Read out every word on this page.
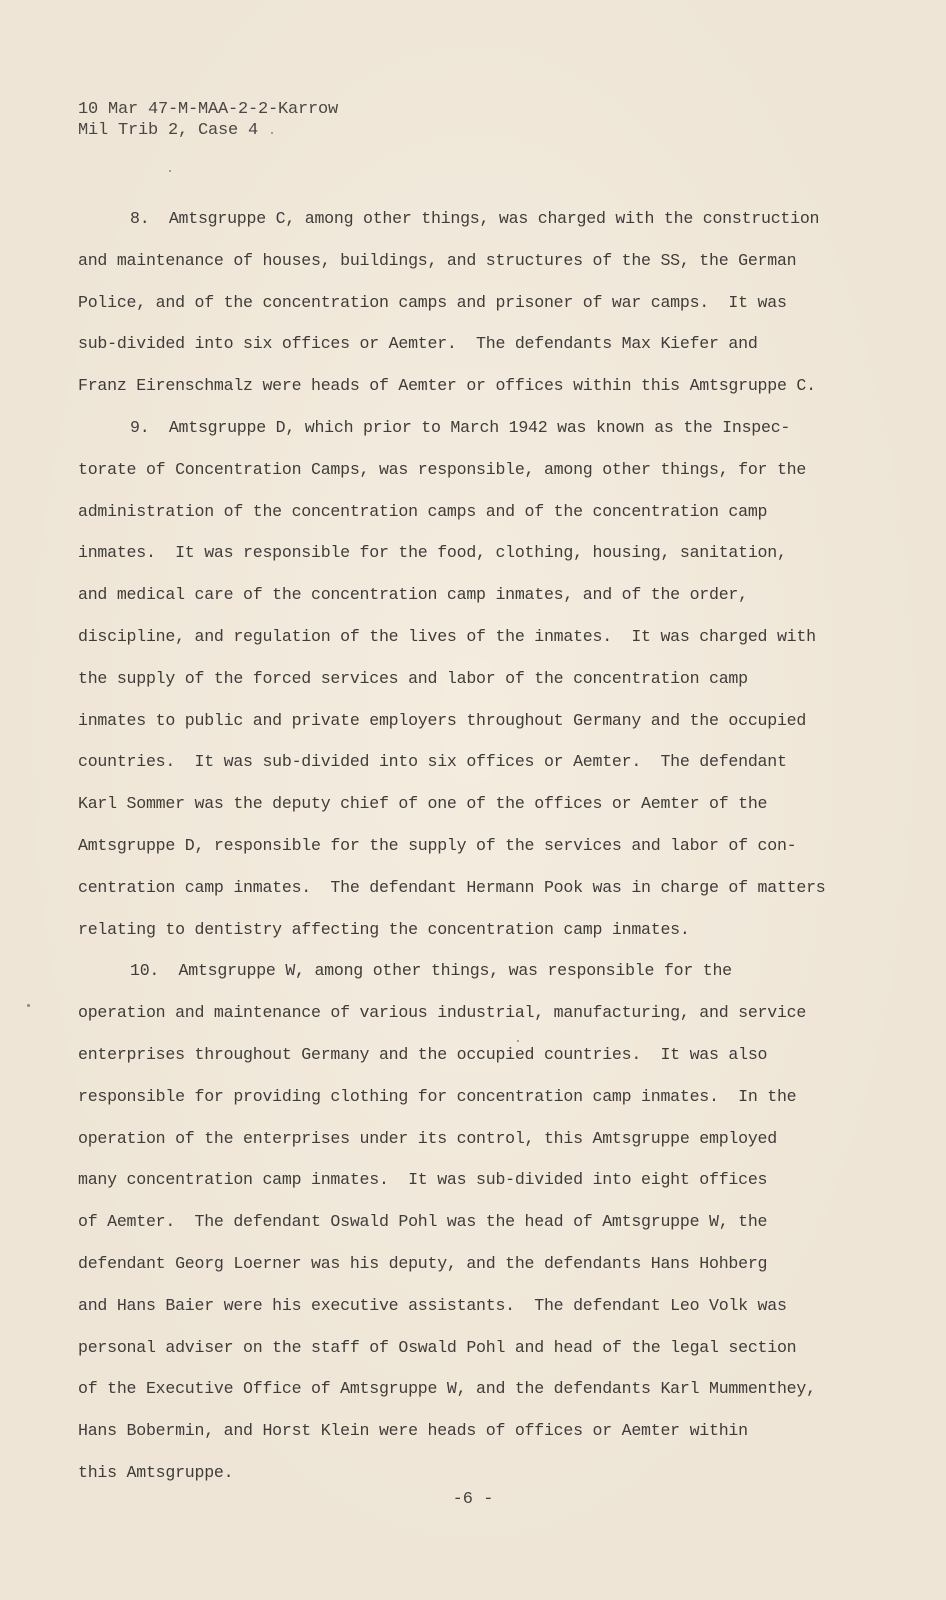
10 Mar 47-M-MAA-2-2-Karrow
Mil Trib 2, Case 4
8.  Amtsgruppe C, among other things, was charged with the construction
and maintenance of houses, buildings, and structures of the SS, the German
Police, and of the concentration camps and prisoner of war camps.  It was
sub-divided into six offices or Aemter.  The defendants Max Kiefer and
Franz Eirenschmalz were heads of Aemter or offices within this Amtsgruppe C.
9.  Amtsgruppe D, which prior to March 1942 was known as the Inspec-
torate of Concentration Camps, was responsible, among other things, for the
administration of the concentration camps and of the concentration camp
inmates.  It was responsible for the food, clothing, housing, sanitation,
and medical care of the concentration camp inmates, and of the order,
discipline, and regulation of the lives of the inmates.  It was charged with
the supply of the forced services and labor of the concentration camp
inmates to public and private employers throughout Germany and the occupied
countries.  It was sub-divided into six offices or Aemter.  The defendant
Karl Sommer was the deputy chief of one of the offices or Aemter of the
Amtsgruppe D, responsible for the supply of the services and labor of con-
centration camp inmates.  The defendant Hermann Pook was in charge of matters
relating to dentistry affecting the concentration camp inmates.
10.  Amtsgruppe W, among other things, was responsible for the
operation and maintenance of various industrial, manufacturing, and service
enterprises throughout Germany and the occupied countries.  It was also
responsible for providing clothing for concentration camp inmates.  In the
operation of the enterprises under its control, this Amtsgruppe employed
many concentration camp inmates.  It was sub-divided into eight offices
of Aemter.  The defendant Oswald Pohl was the head of Amtsgruppe W, the
defendant Georg Loerner was his deputy, and the defendants Hans Hohberg
and Hans Baier were his executive assistants.  The defendant Leo Volk was
personal adviser on the staff of Oswald Pohl and head of the legal section
of the Executive Office of Amtsgruppe W, and the defendants Karl Mummenthey,
Hans Bobermin, and Horst Klein were heads of offices or Aemter within
this Amtsgruppe.
-6 -
